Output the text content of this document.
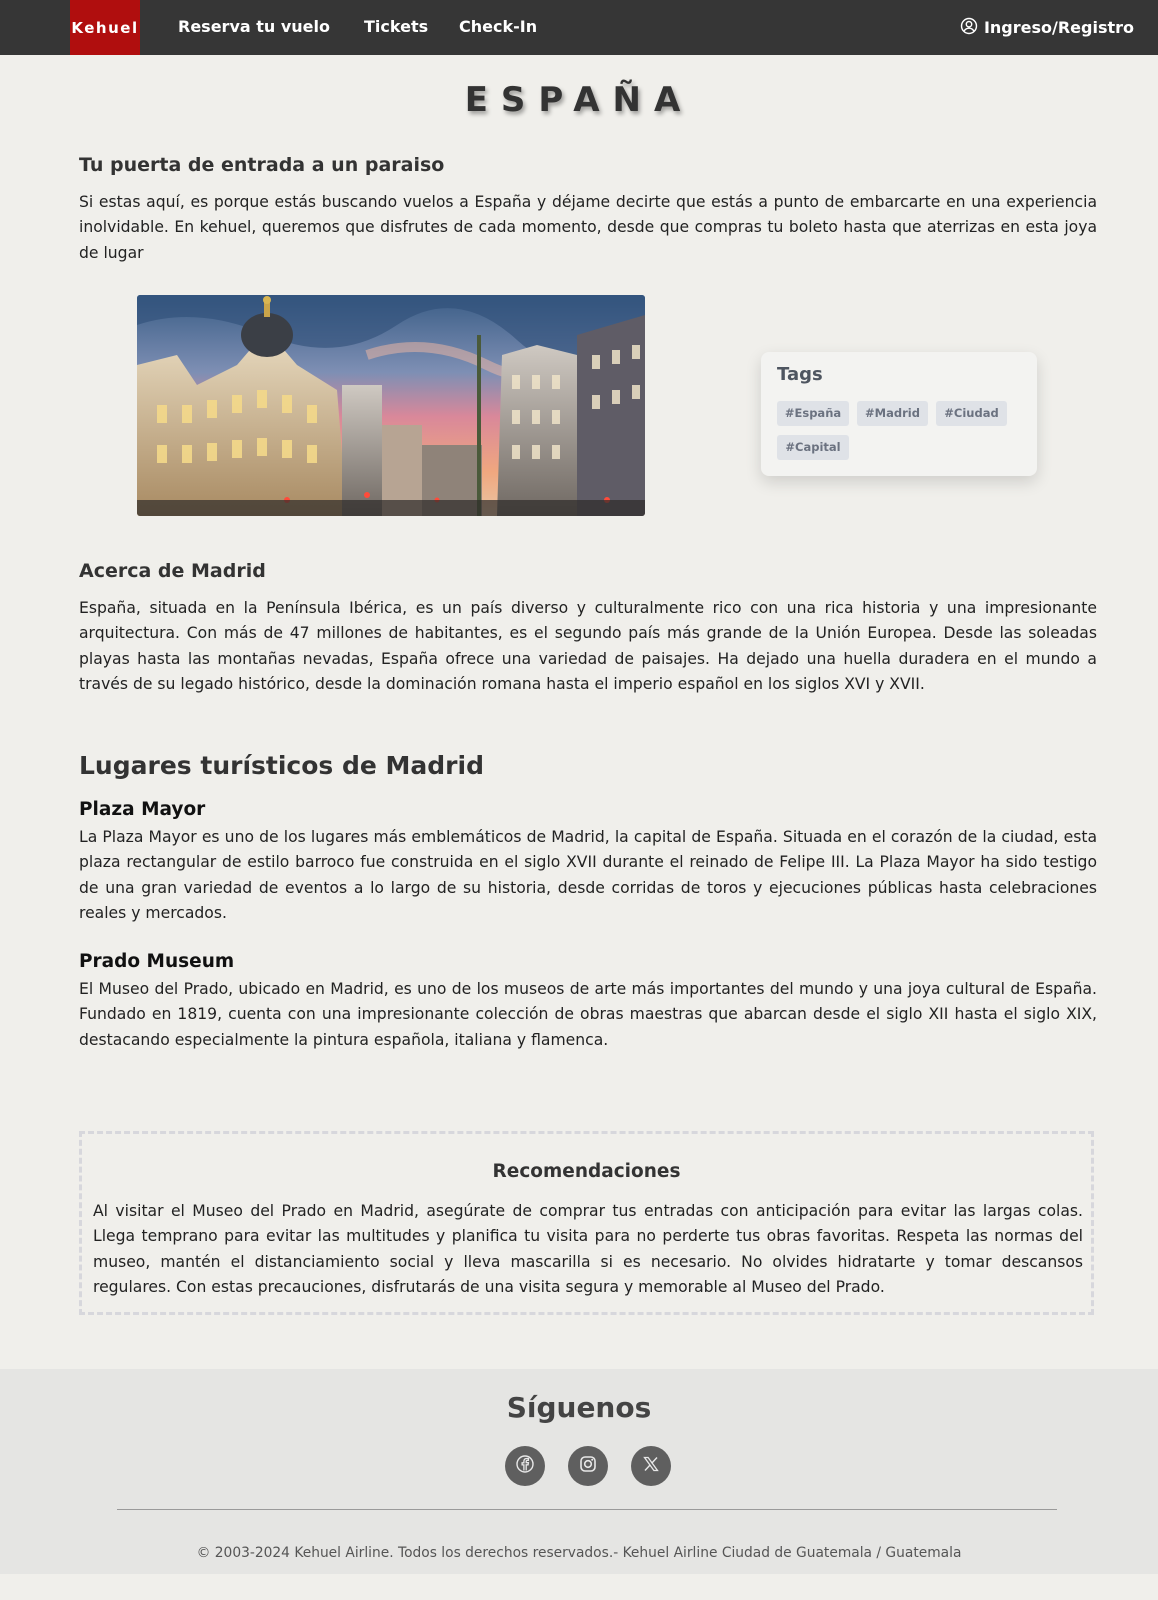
Kehuel Reserva tu vuelo Tickets Check-In	Ingreso/Registro
ESPAÑA
Tu puerta de entrada a un paraiso

Si estas aquí, es porque estás buscando vuelos a España y déjame decirte que estás a punto de embarcarte en una experiencia inolvidable. En kehuel, queremos que disfrutes de cada momento, desde que compras tu boleto hasta que aterrizas en esta joya de lugar

Tags
#España	#Madrid	#Ciudad
#Capital
Acerca de Madrid

España, situada en la Península Ibérica, es un país diverso y culturalmente rico con una rica historia y una impresionante arquitectura. Con más de 47 millones de habitantes, es el segundo país más grande de la Unión Europea. Desde las soleadas playas hasta las montañas nevadas, España ofrece una variedad de paisajes. Ha dejado una huella duradera en el mundo a través de su legado histórico, desde la dominación romana hasta el imperio español en los siglos XVI y XVII.

Lugares turísticos de Madrid
Plaza Mayor

La Plaza Mayor es uno de los lugares más emblemáticos de Madrid, la capital de España. Situada en el corazón de la ciudad, esta plaza rectangular de estilo barroco fue construida en el siglo XVII durante el reinado de Felipe III. La Plaza Mayor ha sido testigo de una gran variedad de eventos a lo largo de su historia, desde corridas de toros y ejecuciones públicas hasta celebraciones reales y mercados.

Prado Museum

El Museo del Prado, ubicado en Madrid, es uno de los museos de arte más importantes del mundo y una joya cultural de España. Fundado en 1819, cuenta con una impresionante colección de obras maestras que abarcan desde el siglo XII hasta el siglo XIX, destacando especialmente la pintura española, italiana y flamenca.

Recomendaciones

Al visitar el Museo del Prado en Madrid, asegúrate de comprar tus entradas con anticipación para evitar las largas colas. Llega temprano para evitar las multitudes y planifica tu visita para no perderte tus obras favoritas. Respeta las normas del museo, mantén el distanciamiento social y lleva mascarilla si es necesario. No olvides hidratarte y tomar descansos regulares. Con estas precauciones, disfrutarás de una visita segura y memorable al Museo del Prado.

Síguenos
© 2003-2024 Kehuel Airline. Todos los derechos reservados.- Kehuel Airline Ciudad de Guatemala / Guatemala
